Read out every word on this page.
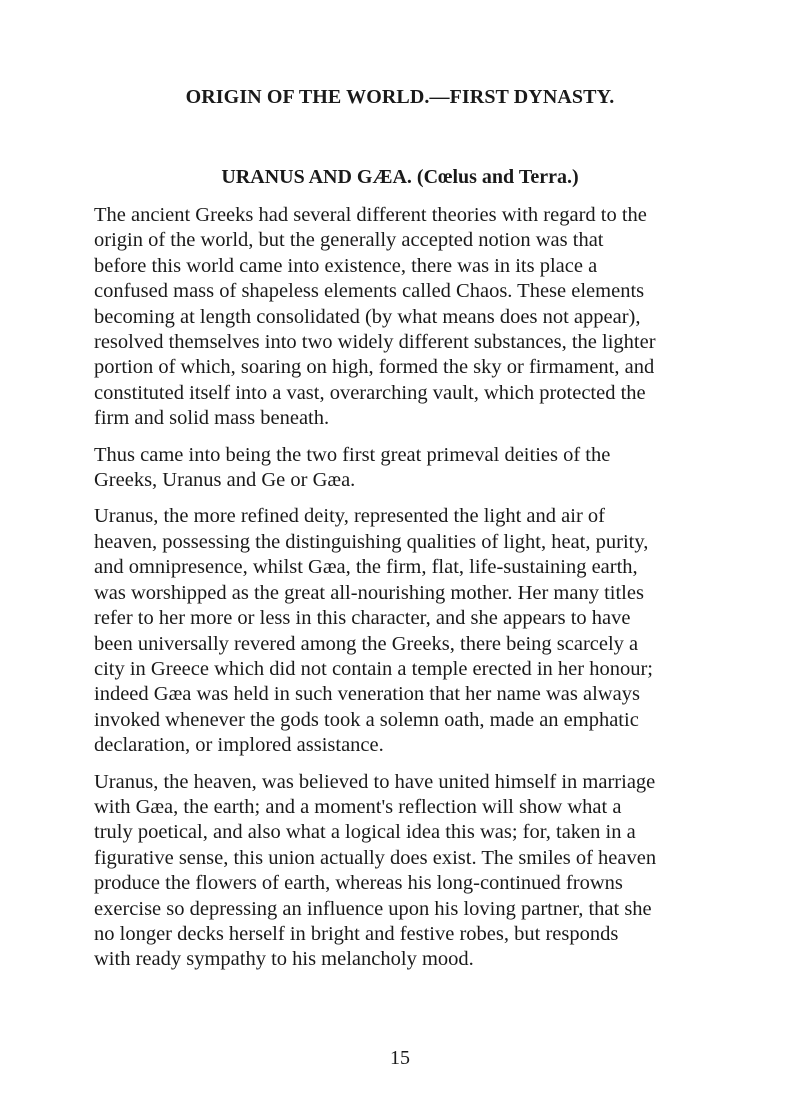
ORIGIN OF THE WORLD.—FIRST DYNASTY.
URANUS AND GÆA. (Cœlus and Terra.)

The ancient Greeks had several different theories with regard to the
origin of the world, but the generally accepted notion was that
before this world came into existence, there was in its place a
confused mass of shapeless elements called Chaos. These elements
becoming at length consolidated (by what means does not appear),
resolved themselves into two widely different substances, the lighter
portion of which, soaring on high, formed the sky or firmament, and
constituted itself into a vast, overarching vault, which protected the
firm and solid mass beneath.

Thus came into being the two first great primeval deities of the
Greeks, Uranus and Ge or Gæa.

Uranus, the more refined deity, represented the light and air of
heaven, possessing the distinguishing qualities of light, heat, purity,
and omnipresence, whilst Gæa, the firm, flat, life-sustaining earth,
was worshipped as the great all-nourishing mother. Her many titles
refer to her more or less in this character, and she appears to have
been universally revered among the Greeks, there being scarcely a
city in Greece which did not contain a temple erected in her honour;
indeed Gæa was held in such veneration that her name was always
invoked whenever the gods took a solemn oath, made an emphatic
declaration, or implored assistance.

Uranus, the heaven, was believed to have united himself in marriage
with Gæa, the earth; and a moment's reflection will show what a
truly poetical, and also what a logical idea this was; for, taken in a
figurative sense, this union actually does exist. The smiles of heaven
produce the flowers of earth, whereas his long-continued frowns
exercise so depressing an influence upon his loving partner, that she
no longer decks herself in bright and festive robes, but responds
with ready sympathy to his melancholy mood.

15
